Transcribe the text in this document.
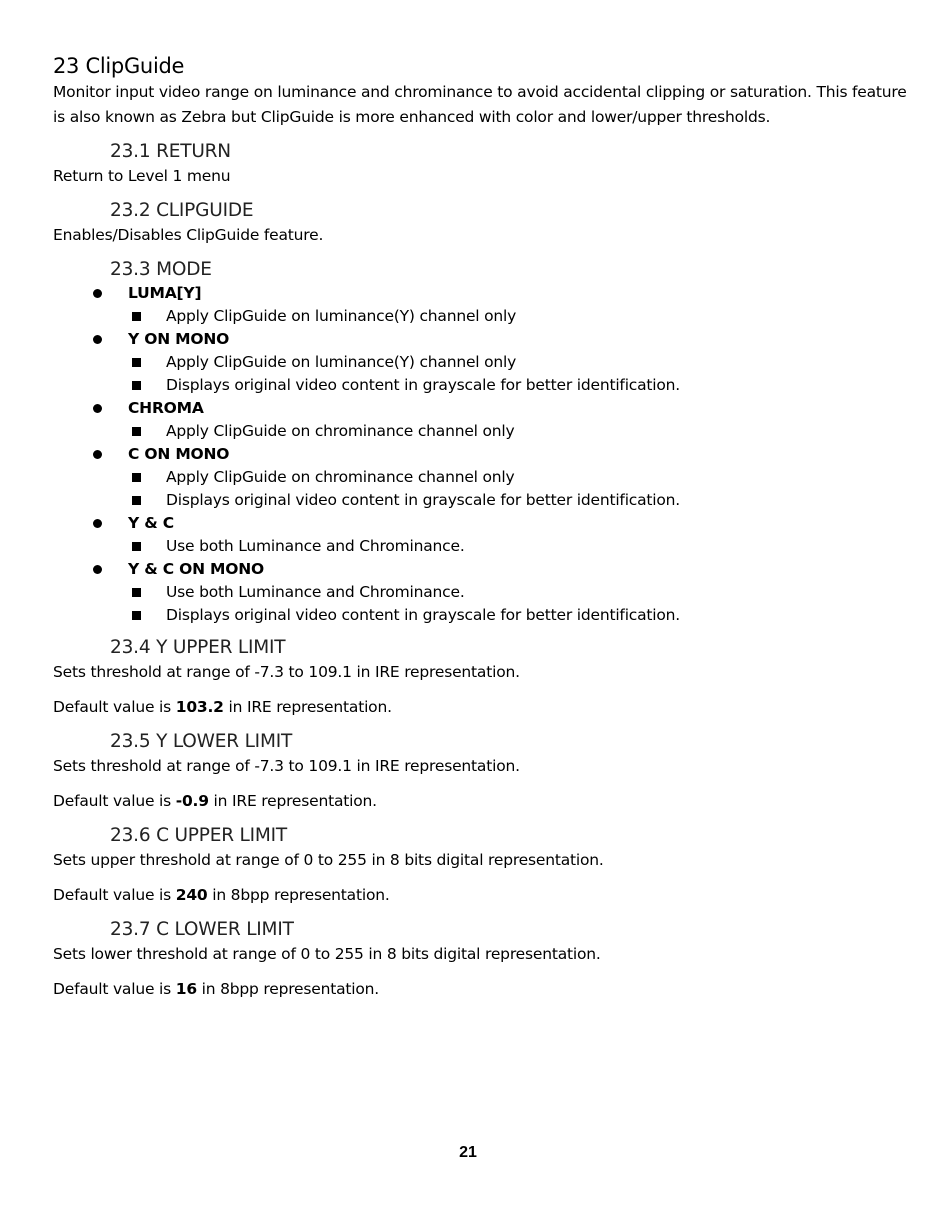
23 ClipGuide

Monitor input video range on luminance and chrominance to avoid accidental clipping or saturation. This feature is also known as Zebra but ClipGuide is more enhanced with color and lower/upper thresholds.

23.1 RETURN

Return to Level 1 menu

23.2 CLIPGUIDE

Enables/Disables ClipGuide feature.

23.3 MODE
LUMA[Y]
Apply ClipGuide on luminance(Y) channel only
Y ON MONO
Apply ClipGuide on luminance(Y) channel only
Displays original video content in grayscale for better identification.
CHROMA
Apply ClipGuide on chrominance channel only
C ON MONO
Apply ClipGuide on chrominance channel only
Displays original video content in grayscale for better identification.
Y & C
Use both Luminance and Chrominance.
Y & C ON MONO
Use both Luminance and Chrominance.
Displays original video content in grayscale for better identification.
23.4 Y UPPER LIMIT

Sets threshold at range of -7.3 to 109.1 in IRE representation.

Default value is 103.2 in IRE representation.

23.5 Y LOWER LIMIT

Sets threshold at range of -7.3 to 109.1 in IRE representation.

Default value is -0.9 in IRE representation.

23.6 C UPPER LIMIT

Sets upper threshold at range of 0 to 255 in 8 bits digital representation.

Default value is 240 in 8bpp representation.

23.7 C LOWER LIMIT

Sets lower threshold at range of 0 to 255 in 8 bits digital representation.

Default value is 16 in 8bpp representation.

21
